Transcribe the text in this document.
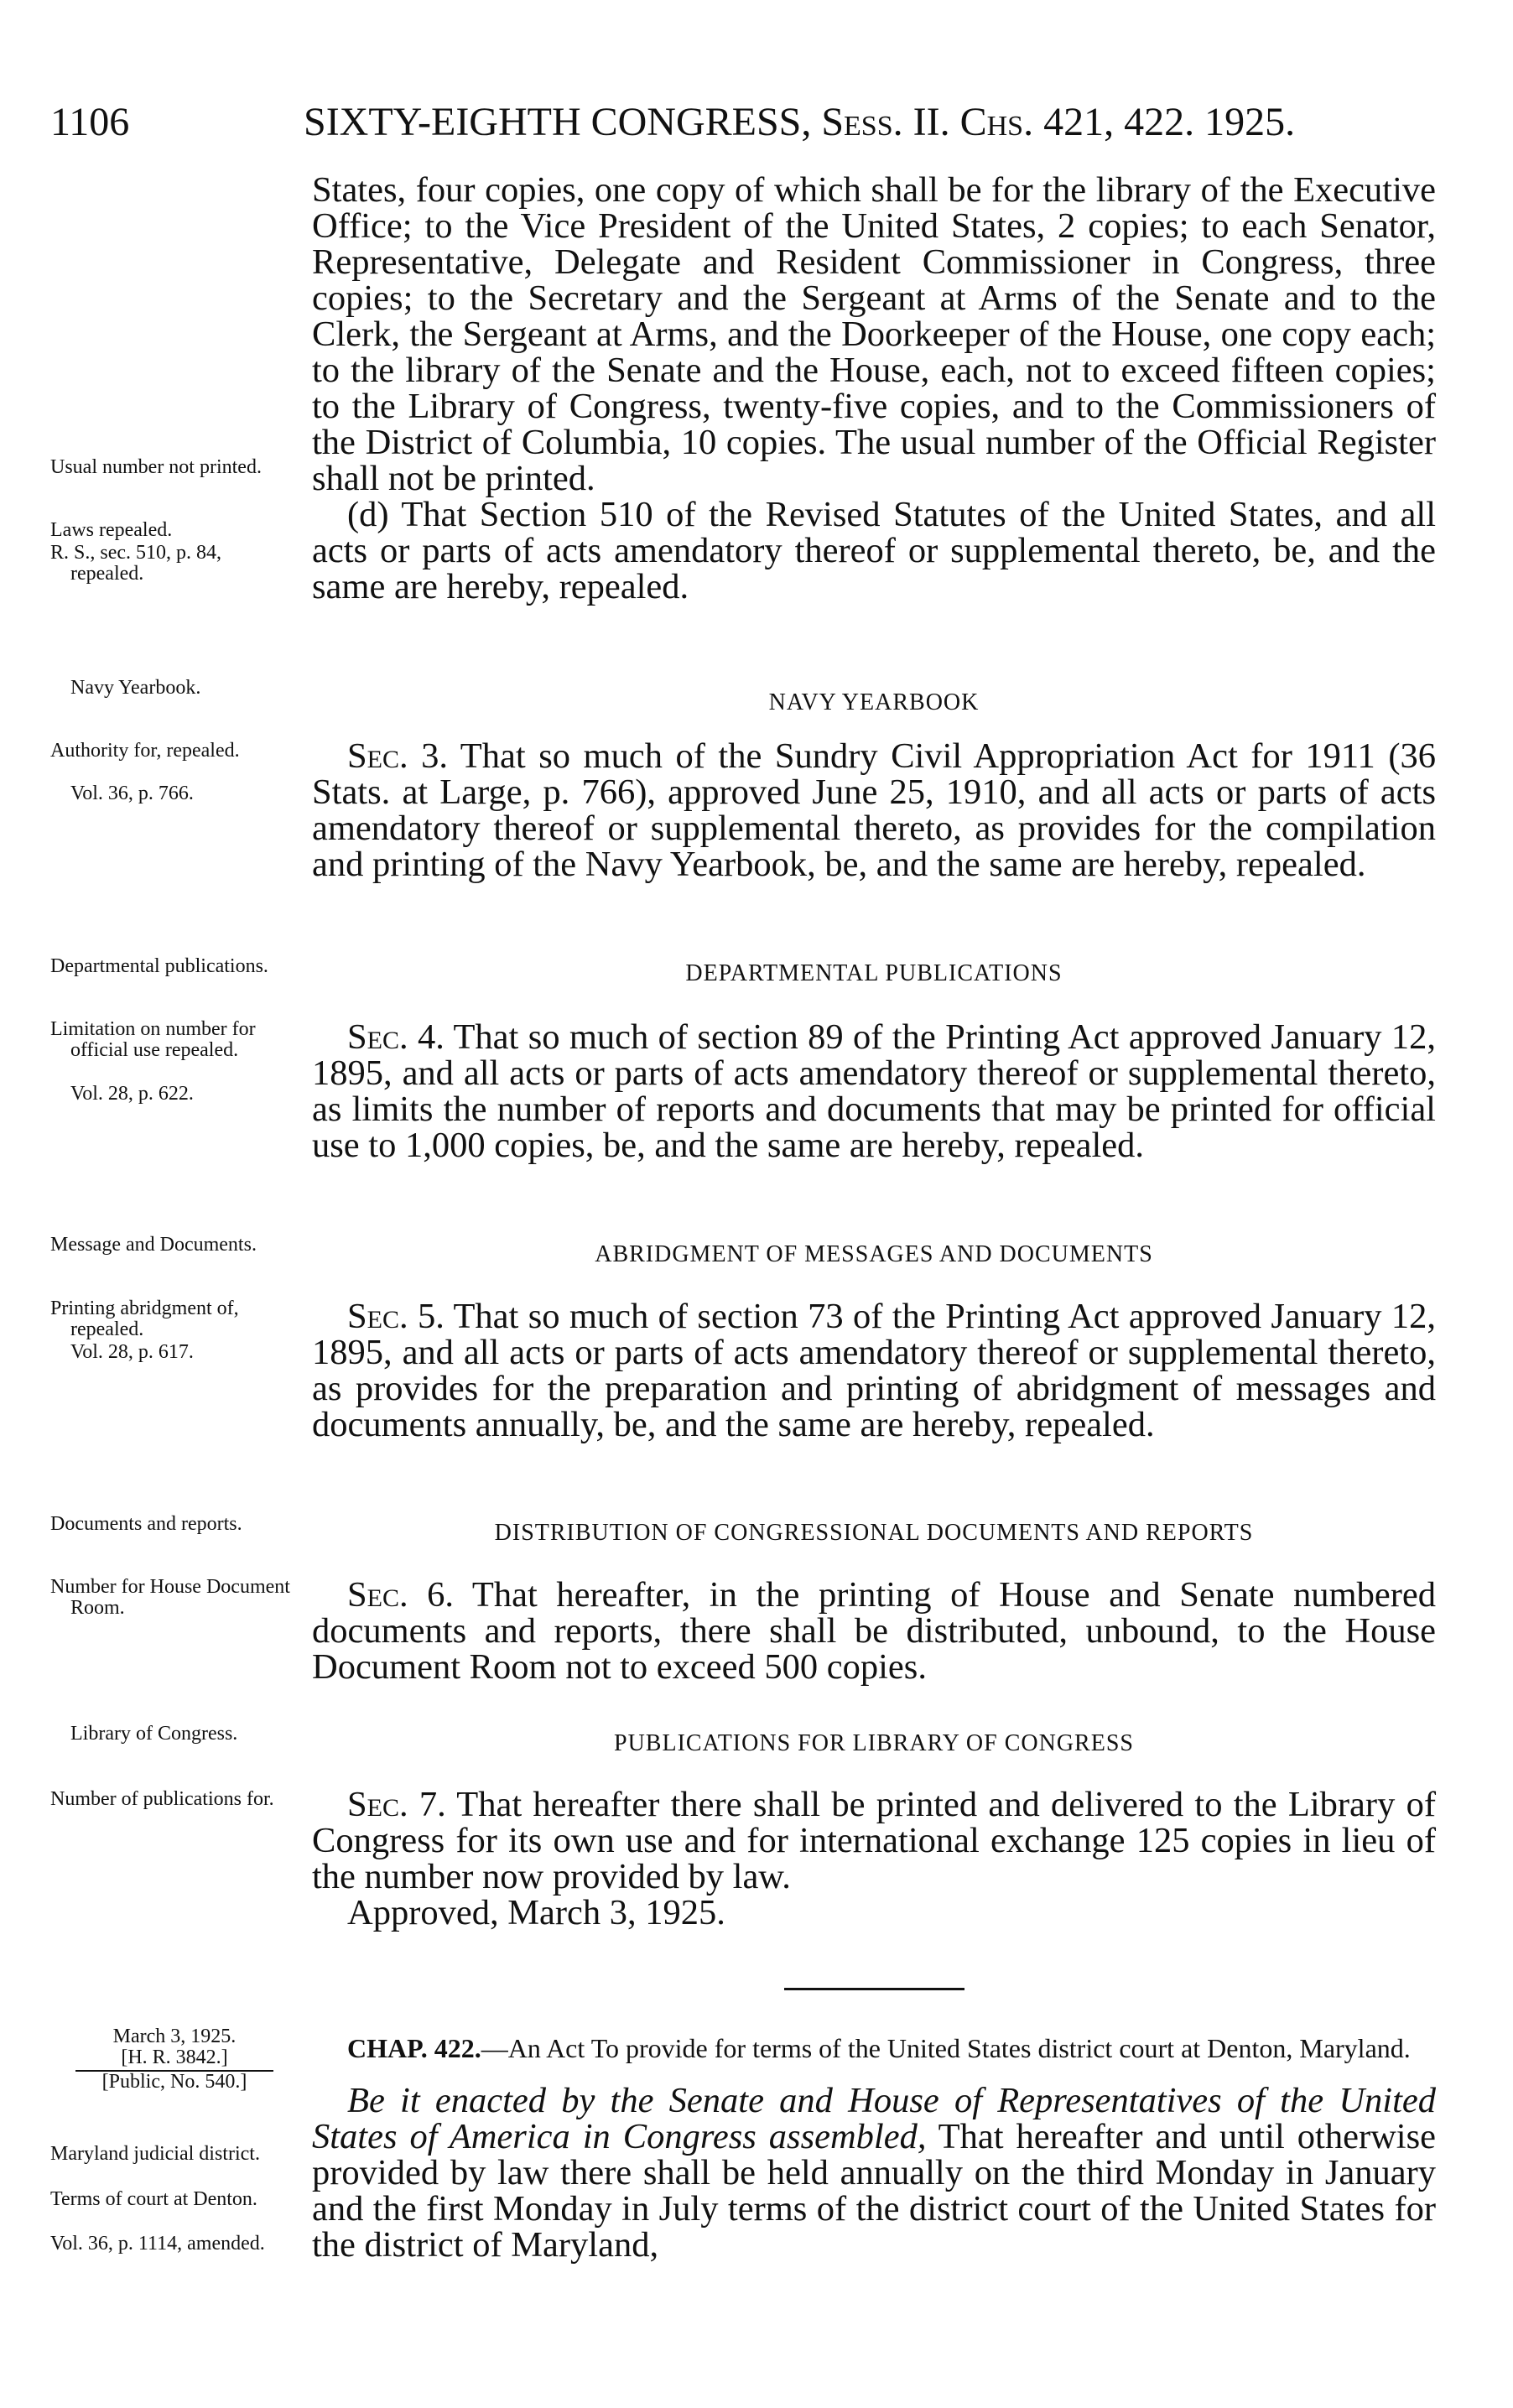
1106	SIXTY-EIGHTH CONGRESS, Sess. II. Chs. 421, 422. 1925.

States, four copies, one copy of which shall be for the library of the Executive Office; to the Vice President of the United States, 2 copies; to each Senator, Representative, Delegate and Resident Commissioner in Congress, three copies; to the Secretary and the Sergeant at Arms of the Senate and to the Clerk, the Sergeant at Arms, and the Doorkeeper of the House, one copy each; to the library of the Senate and the House, each, not to exceed fifteen copies; to the Library of Congress, twenty-five copies, and to the Commissioners of the District of Columbia, 10 copies. The usual number of the Official Register shall not be printed.

(d) That Section 510 of the Revised Statutes of the United States, and all acts or parts of acts amendatory thereof or supplemental thereto, be, and the same are hereby, repealed.

NAVY YEARBOOK

Sec. 3. That so much of the Sundry Civil Appropriation Act for 1911 (36 Stats. at Large, p. 766), approved June 25, 1910, and all acts or parts of acts amendatory thereof or supplemental thereto, as provides for the compilation and printing of the Navy Yearbook, be, and the same are hereby, repealed.

DEPARTMENTAL PUBLICATIONS

Sec. 4. That so much of section 89 of the Printing Act approved January 12, 1895, and all acts or parts of acts amendatory thereof or supplemental thereto, as limits the number of reports and documents that may be printed for official use to 1,000 copies, be, and the same are hereby, repealed.

ABRIDGMENT OF MESSAGES AND DOCUMENTS

Sec. 5. That so much of section 73 of the Printing Act approved January 12, 1895, and all acts or parts of acts amendatory thereof or supplemental thereto, as provides for the preparation and printing of abridgment of messages and documents annually, be, and the same are hereby, repealed.

DISTRIBUTION OF CONGRESSIONAL DOCUMENTS AND REPORTS

Sec. 6. That hereafter, in the printing of House and Senate numbered documents and reports, there shall be distributed, unbound, to the House Document Room not to exceed 500 copies.

PUBLICATIONS FOR LIBRARY OF CONGRESS

Sec. 7. That hereafter there shall be printed and delivered to the Library of Congress for its own use and for international exchange 125 copies in lieu of the number now provided by law.

Approved, March 3, 1925.

March 3, 1925.
[H. R. 3842.]
[Public, No. 540.]

CHAP. 422.—An Act To provide for terms of the United States district court at Denton, Maryland.

Be it enacted by the Senate and House of Representatives of the United States of America in Congress assembled, That hereafter and until otherwise provided by law there shall be held annually on the third Monday in January and the first Monday in July terms of the district court of the United States for the district of Maryland,

Usual number not printed.
Laws repealed.
R. S., sec. 510, p. 84, repealed.
Navy Yearbook.
Authority for, repealed.
Vol. 36, p. 766.
Departmental publications.
Limitation on number for official use repealed.
Vol. 28, p. 622.
Message and Documents.
Printing abridgment of, repealed.
Vol. 28, p. 617.
Documents and reports.
Number for House Document Room.
Library of Congress.
Number of publications for.
Maryland judicial district.
Terms of court at Denton.
Vol. 36, p. 1114, amended.
